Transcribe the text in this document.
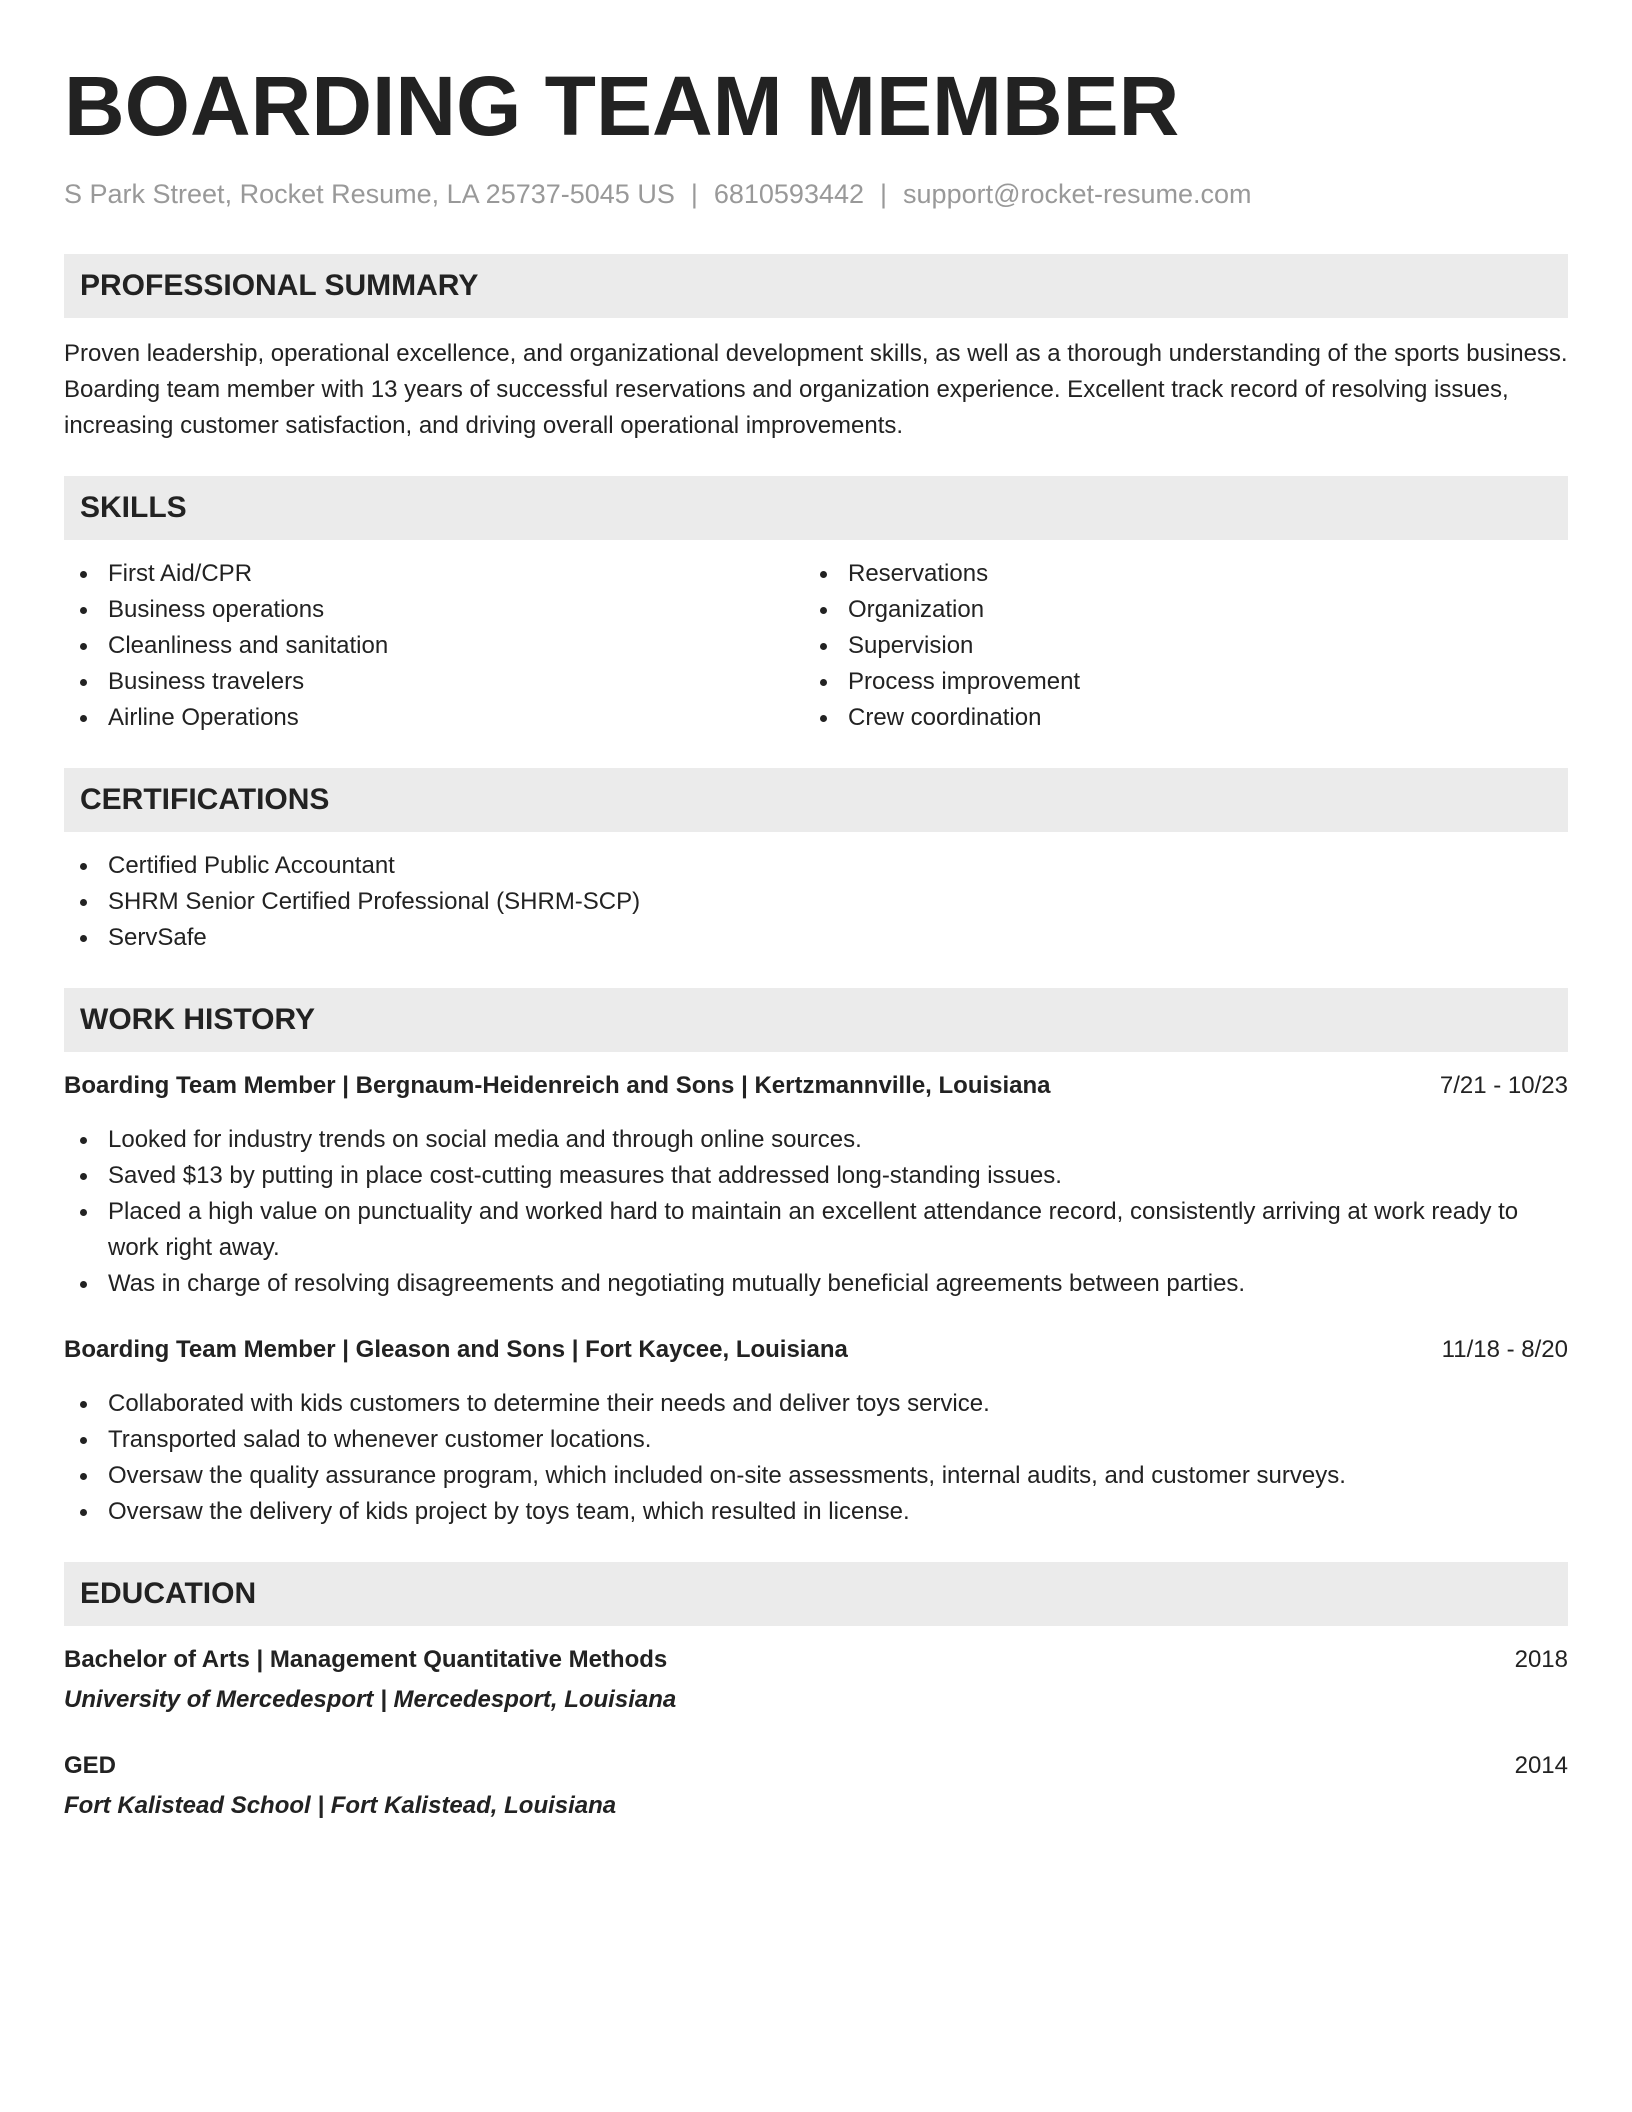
BOARDING TEAM MEMBER
S Park Street, Rocket Resume, LA 25737-5045 US | 6810593442 | support@rocket-resume.com
PROFESSIONAL SUMMARY

Proven leadership, operational excellence, and organizational development skills, as well as a thorough understanding of the sports business. Boarding team member with 13 years of successful reservations and organization experience. Excellent track record of resolving issues, increasing customer satisfaction, and driving overall operational improvements.

SKILLS
First Aid/CPR
Business operations
Cleanliness and sanitation
Business travelers
Airline Operations
Reservations
Organization
Supervision
Process improvement
Crew coordination
CERTIFICATIONS
Certified Public Accountant
SHRM Senior Certified Professional (SHRM-SCP)
ServSafe
WORK HISTORY
Boarding Team Member | Bergnaum-Heidenreich and Sons | Kertzmannville, Louisiana	7/21 - 10/23
Looked for industry trends on social media and through online sources.
Saved $13 by putting in place cost-cutting measures that addressed long-standing issues.
Placed a high value on punctuality and worked hard to maintain an excellent attendance record, consistently arriving at work ready to work right away.
Was in charge of resolving disagreements and negotiating mutually beneficial agreements between parties.
Boarding Team Member | Gleason and Sons | Fort Kaycee, Louisiana	11/18 - 8/20
Collaborated with kids customers to determine their needs and deliver toys service.
Transported salad to whenever customer locations.
Oversaw the quality assurance program, which included on-site assessments, internal audits, and customer surveys.
Oversaw the delivery of kids project by toys team, which resulted in license.
EDUCATION
Bachelor of Arts | Management Quantitative Methods	2018
University of Mercedesport | Mercedesport, Louisiana
GED	2014
Fort Kalistead School | Fort Kalistead, Louisiana
